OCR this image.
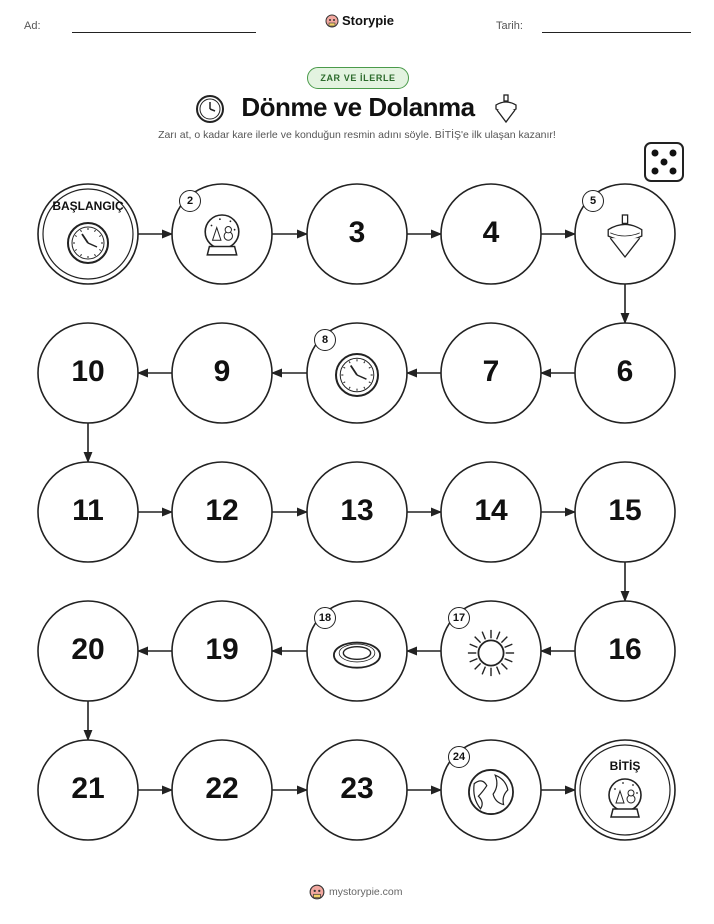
Ad:	Storypie	Tarih:
ZAR VE İLERLE
Dönme ve Dolanma
Zarı at, o kadar kare ilerle ve konduğun resmin adını söyle. BİTİŞ'e ilk ulaşan kazanır!
BAŞLANGIÇ	2
3	4
5
6
7
8
9
10
11	12	13	14	15
16
17
18
19
20
21	22	23
24
BİTİŞ
mystorypie.com
